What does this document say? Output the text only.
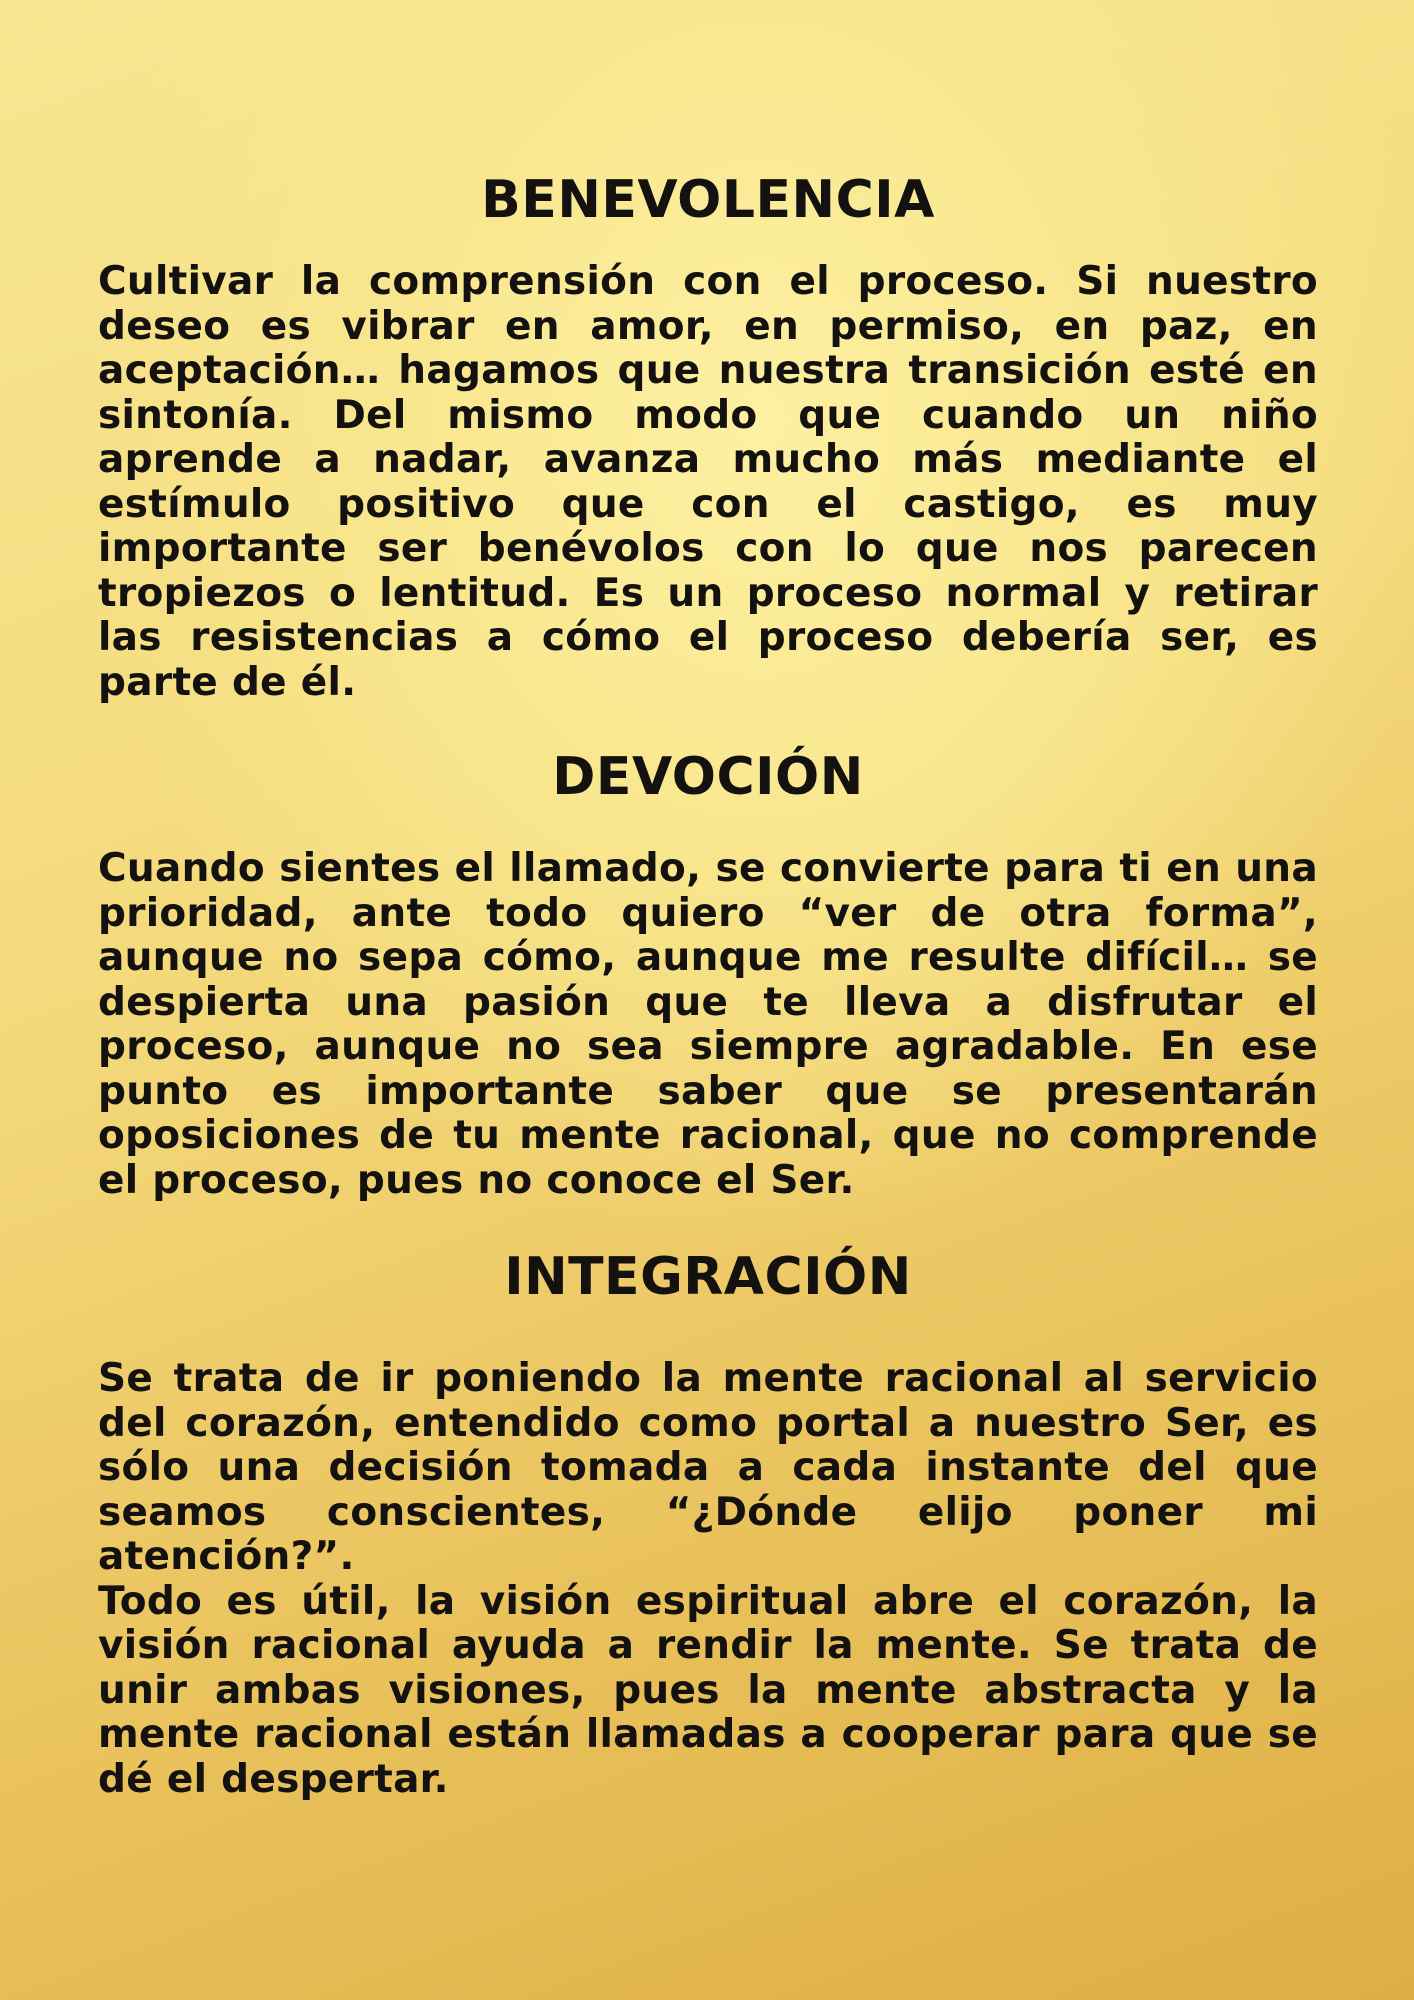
BENEVOLENCIA

Cultivar la comprensión con el proceso. Si nuestro deseo es vibrar en amor, en permiso, en paz, en aceptación… hagamos que nuestra transición esté en sintonía. Del mismo modo que cuando un niño aprende a nadar, avanza mucho más mediante el estímulo positivo que con el castigo, es muy importante ser benévolos con lo que nos parecen tropiezos o lentitud. Es un proceso normal y retirar las resistencias a cómo el proceso debería ser, es parte de él.

DEVOCIÓN

Cuando sientes el llamado, se convierte para ti en una prioridad, ante todo quiero “ver de otra forma”, aunque no sepa cómo, aunque me resulte difícil… se despierta una pasión que te lleva a disfrutar el proceso, aunque no sea siempre agradable. En ese punto es importante saber que se presentarán oposiciones de tu mente racional, que no comprende el proceso, pues no conoce el Ser.

INTEGRACIÓN

Se trata de ir poniendo la mente racional al servicio del corazón, entendido como portal a nuestro Ser, es sólo una decisión tomada a cada instante del que seamos conscientes, “¿Dónde elijo poner mi atención?”.

Todo es útil, la visión espiritual abre el corazón, la visión racional ayuda a rendir la mente. Se trata de unir ambas visiones, pues la mente abstracta y la mente racional están llamadas a cooperar para que se dé el despertar.
